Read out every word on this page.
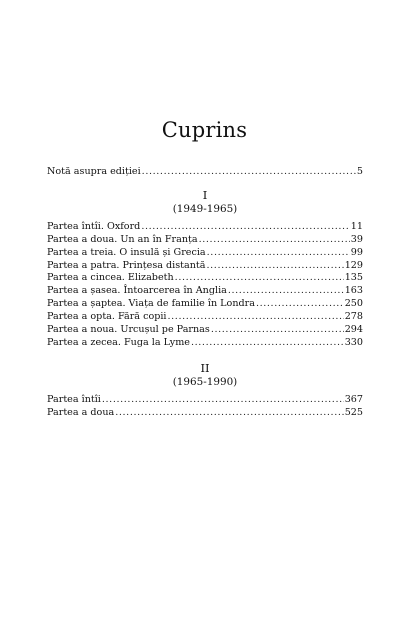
Cuprins
Notă asupra ediției .....	5
I
(1949-1965)
Partea întîi. Oxford .....	11
Partea a doua. Un an în Franța .....	39
Partea a treia. O insulă și Grecia .....	99
Partea a patra. Prințesa distantă .....	129
Partea a cincea. Elizabeth .....	135
Partea a șasea. Întoarcerea în Anglia .....	163
Partea a șaptea. Viața de familie în Londra .....	250
Partea a opta. Fără copii .....	278
Partea a noua. Urcușul pe Parnas .....	294
Partea a zecea. Fuga la Lyme .....	330
II
(1965-1990)
Partea întîi .....	367
Partea a doua .....	525
